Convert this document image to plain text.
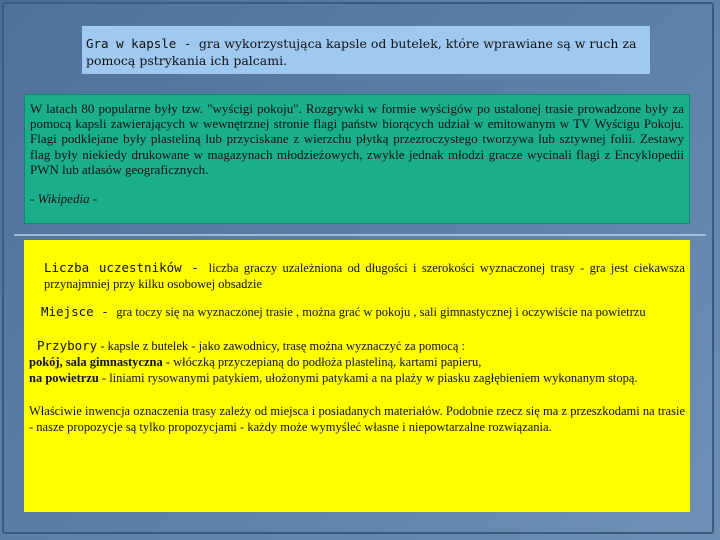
Gra w kapsle - gra wykorzystująca kapsle od butelek, które wprawiane są w ruch za pomocą pstrykania ich palcami.

W latach 80 popularne były tzw. "wyścigi pokoju". Rozgrywki w formie wyścigów po ustalonej trasie prowadzone były za pomocą kapsli zawierających w wewnętrznej stronie flagi państw biorących udział w emitowanym w TV Wyścigu Pokoju. Flagi podklejane były plasteliną lub przyciskane z wierzchu płytką przezroczystego tworzywa lub sztywnej folii. Zestawy flag były niekiedy drukowane w magazynach młodzieżowych, zwykle jednak młodzi gracze wycinali flagi z Encyklopedii PWN lub atlasów geograficznych.

- Wikipedia -

Liczba uczestników - liczba graczy uzależniona od długości i szerokości wyznaczonej trasy - gra jest ciekawsza przynajmniej przy kilku osobowej obsadzie

Miejsce - gra toczy się na wyznaczonej trasie , można grać w pokoju , sali gimnastycznej i oczywiście na powietrzu

Przybory - kapsle z butelek - jako zawodnicy, trasę można wyznaczyć za pomocą :

pokój, sala gimnastyczna - włóczką przyczepianą do podłoża plasteliną, kartami papieru,

na powietrzu - liniami rysowanymi patykiem, ułożonymi patykami a na plaży w piasku zagłębieniem wykonanym stopą.

Właściwie inwencja oznaczenia trasy zależy od miejsca i posiadanych materiałów. Podobnie rzecz się ma z przeszkodami na trasie - nasze propozycje są tylko propozycjami - każdy może wymyśleć własne i niepowtarzalne rozwiązania.
